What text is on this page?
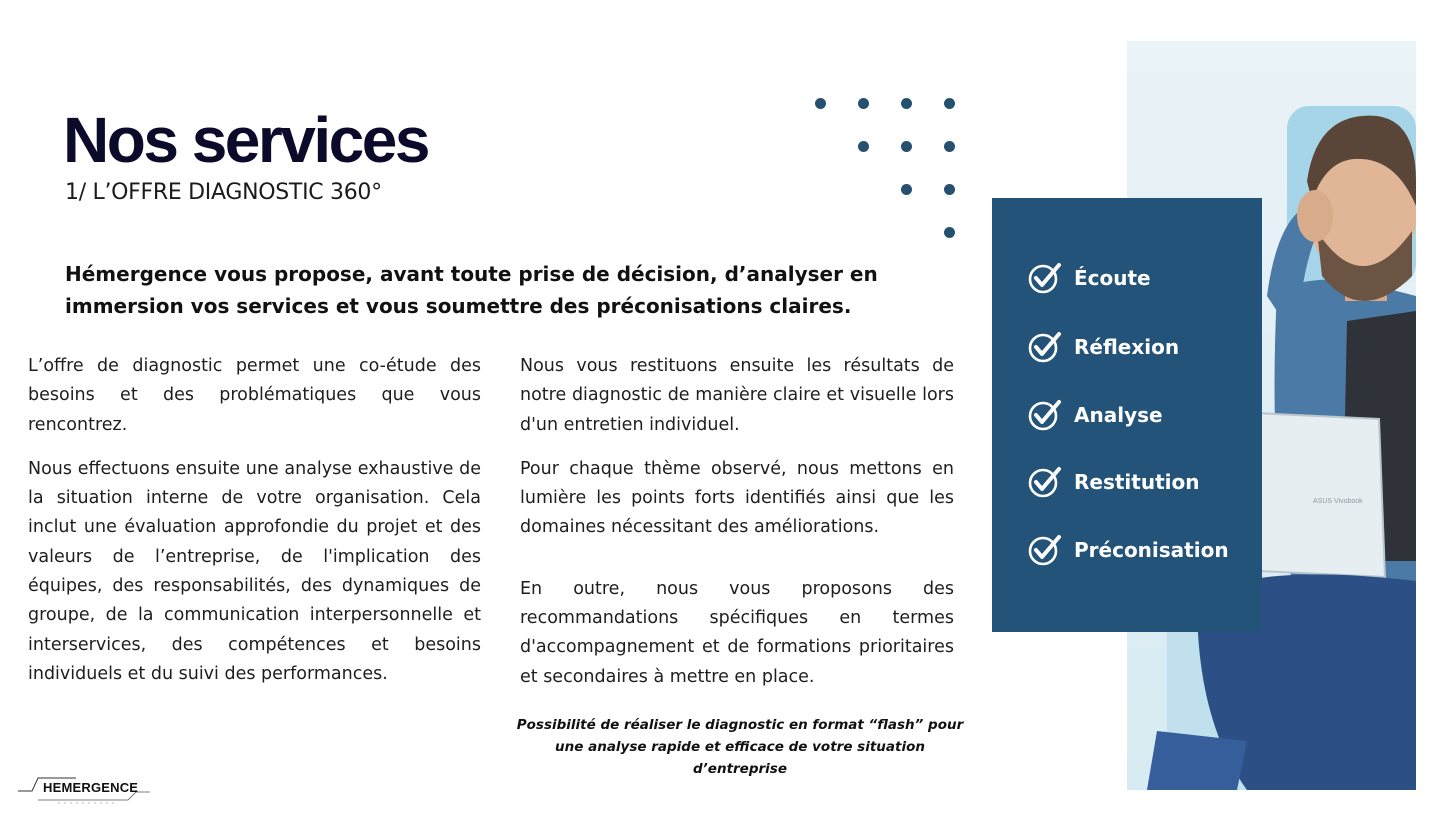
Nos services
1/ L’OFFRE DIAGNOSTIC 360°

Hémergence vous propose, avant toute prise de décision, d’analyser en immersion vos services et vous soumettre des préconisations claires.

L’offre de diagnostic permet une co-étude des besoins et des problématiques que vous rencontrez.

Nous effectuons ensuite une analyse exhaustive de la situation interne de votre organisation. Cela inclut une évaluation approfondie du projet et des valeurs de l’entreprise, de l'implication des équipes, des responsabilités, des dynamiques de groupe, de la communication interpersonnelle et interservices, des compétences et besoins individuels et du suivi des performances.

Nous vous restituons ensuite les résultats de notre diagnostic de manière claire et visuelle lors d'un entretien individuel.

Pour chaque thème observé, nous mettons en lumière les points forts identifiés ainsi que les domaines nécessitant des améliorations.

En outre, nous vous proposons des recommandations spécifiques en termes d'accompagnement et de formations prioritaires et secondaires à mettre en place.

Possibilité de réaliser le diagnostic en format “flash” pour une analyse rapide et efficace de votre situation d’entreprise

ASUS Vivobook
Écoute
Réflexion
Analyse
Restitution
Préconisation
HEMERGENCE
